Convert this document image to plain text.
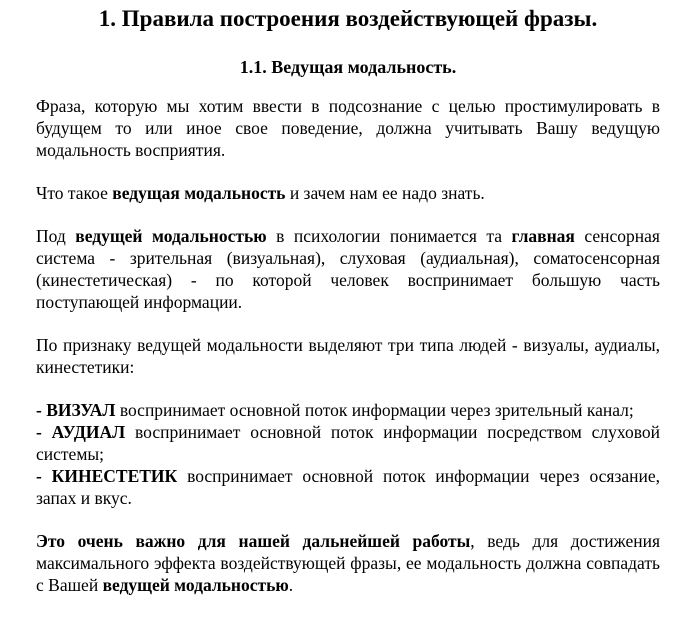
1. Правила построения воздействующей фразы.
1.1. Ведущая модальность.

Фраза, которую мы хотим ввести в подсознание с целью простимулировать в будущем то или иное свое поведение, должна учитывать Вашу ведущую модальность восприятия.

Что такое ведущая модальность и зачем нам ее надо знать.

Под ведущей модальностью в психологии понимается та главная сенсорная система - зрительная (визуальная), слуховая (аудиальная), соматосенсорная (кинестетическая) - по которой человек воспринимает большую часть поступающей информации.

По признаку ведущей модальности выделяют три типа людей - визуалы, аудиалы, кинестетики:

- ВИЗУАЛ воспринимает основной поток информации через зрительный канал;

- АУДИАЛ воспринимает основной поток информации посредством слуховой системы;

- КИНЕСТЕТИК воспринимает основной поток информации через осязание, запах и вкус.

Это очень важно для нашей дальнейшей работы, ведь для достижения максимального эффекта воздействующей фразы, ее модальность должна совпадать с Вашей ведущей модальностью.
